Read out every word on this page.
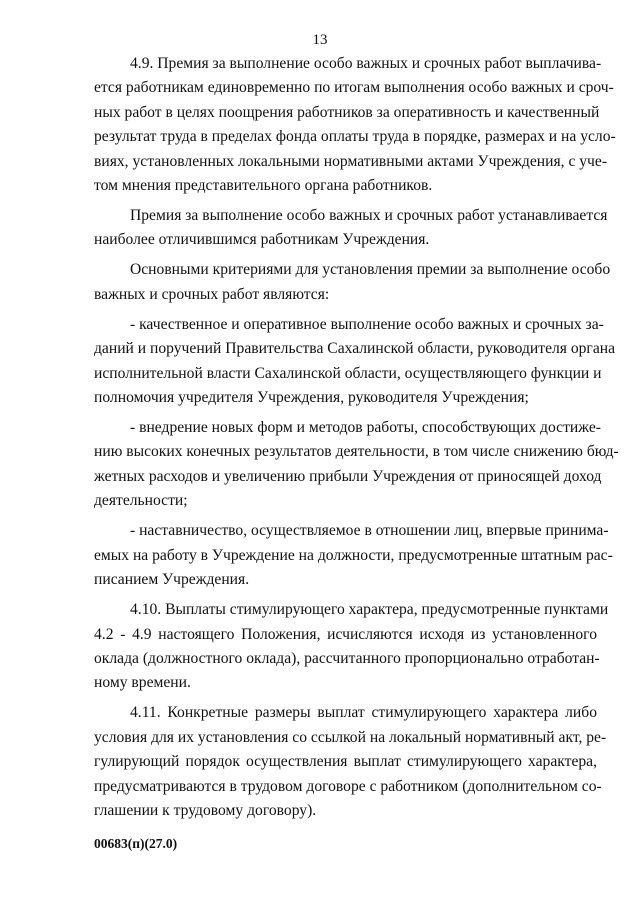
13

4.9. Премия за выполнение особо важных и срочных работ выплачива-
ется работникам единовременно по итогам выполнения особо важных и сроч-
ных работ в целях поощрения работников за оперативность и качественный
результат труда в пределах фонда оплаты труда в порядке, размерах и на усло-
виях, установленных локальными нормативными актами Учреждения, с уче-
том мнения представительного органа работников.

Премия за выполнение особо важных и срочных работ устанавливается
наиболее отличившимся работникам Учреждения.

Основными критериями для установления премии за выполнение особо
важных и срочных работ являются:

- качественное и оперативное выполнение особо важных и срочных за-
даний и поручений Правительства Сахалинской области, руководителя органа
исполнительной власти Сахалинской области, осуществляющего функции и
полномочия учредителя Учреждения, руководителя Учреждения;

- внедрение новых форм и методов работы, способствующих достиже-
нию высоких конечных результатов деятельности, в том числе снижению бюд-
жетных расходов и увеличению прибыли Учреждения от приносящей доход
деятельности;

- наставничество, осуществляемое в отношении лиц, впервые принима-
емых на работу в Учреждение на должности, предусмотренные штатным рас-
писанием Учреждения.

4.10. Выплаты стимулирующего характера, предусмотренные пунктами
4.2 - 4.9 настоящего Положения, исчисляются исходя из установленного
оклада (должностного оклада), рассчитанного пропорционально отработан-
ному времени.

4.11. Конкретные размеры выплат стимулирующего характера либо
условия для их установления со ссылкой на локальный нормативный акт, ре-
гулирующий порядок осуществления выплат стимулирующего характера,
предусматриваются в трудовом договоре с работником (дополнительном со-
глашении к трудовому договору).

00683(п)(27.0)
